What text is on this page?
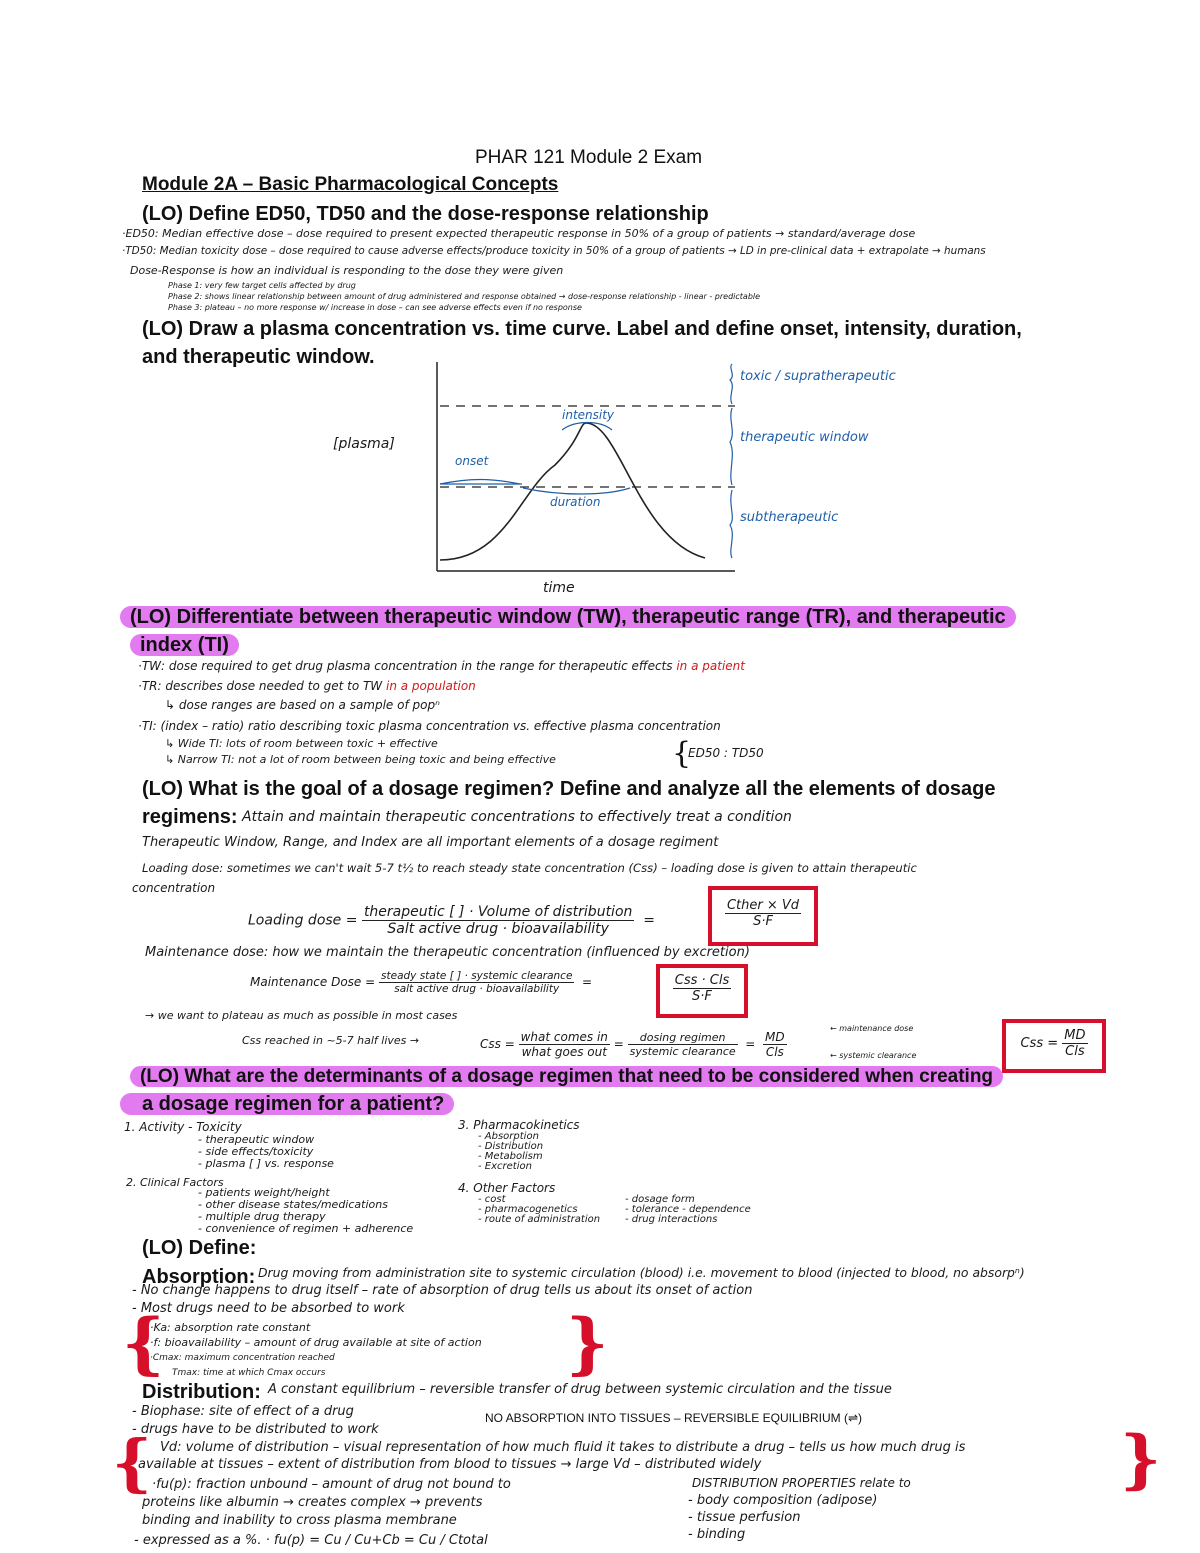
PHAR 121 Module 2 Exam
Module 2A – Basic Pharmacological Concepts
(LO) Define ED50, TD50 and the dose-response relationship
·ED50: Median effective dose – dose required to present expected therapeutic response in 50% of a group of patients → standard/average dose
·TD50: Median toxicity dose – dose required to cause adverse effects/produce toxicity in 50% of a group of patients → LD in pre-clinical data + extrapolate → humans
Dose-Response is how an individual is responding to the dose they were given
Phase 1: very few target cells affected by drug
Phase 2: shows linear relationship between amount of drug administered and response obtained → dose-response relationship - linear - predictable
Phase 3: plateau – no more response w/ increase in dose – can see adverse effects even if no response
(LO) Draw a plasma concentration vs. time curve. Label and define onset, intensity, duration,
and therapeutic window.
[plasma]
time
intensity
onset
duration
toxic / supratherapeutic
therapeutic window
subtherapeutic
(LO) Differentiate between therapeutic window (TW), therapeutic range (TR), and therapeutic
index (TI)
·TW: dose required to get drug plasma concentration in the range for therapeutic effects in a patient
·TR: describes dose needed to get to TW in a population
↳ dose ranges are based on a sample of popⁿ
·TI: (index – ratio) ratio describing toxic plasma concentration vs. effective plasma concentration
↳ Wide TI: lots of room between toxic + effective
↳ Narrow TI: not a lot of room between being toxic and being effective	{
ED50 : TD50
(LO) What is the goal of a dosage regimen? Define and analyze all the elements of dosage
regimens: Attain and maintain therapeutic concentrations to effectively treat a condition
Therapeutic Window, Range, and Index are all important elements of a dosage regiment
Loading dose: sometimes we can't wait 5-7 t½ to reach steady state concentration (Css) – loading dose is given to attain therapeutic
concentration
Loading dose = $\frac{\text{therapeutic [ ] · Volume of distribution}}{\text{Salt active drug · bioavailability}}$ =	$\frac{\text{Cther × Vd}}{S\cdot F}$
Maintenance dose: how we maintain the therapeutic concentration (influenced by excretion)
Maintenance Dose = $\frac{\text{steady state [ ] · systemic clearance}}{\text{salt active drug · bioavailability}}$ =	$\frac{\text{Css · Cls}}{S\cdot F}$
→ we want to plateau as much as possible in most cases
Css reached in ~5-7 half lives →	Css = $\frac{\text{what comes in}}{\text{what goes out}} = \frac{\text{dosing regimen}}{\text{systemic clearance}} = \frac{MD}{\text{Cls}}$
← maintenance dose
← systemic clearance
Css = $\frac{MD}{\text{Cls}}$
(LO) What are the determinants of a dosage regimen that need to be considered when creating
a dosage regimen for a patient?
1. Activity - Toxicity
- therapeutic window
- side effects/toxicity
- plasma [ ] vs. response
2. Clinical Factors
- patients weight/height
- other disease states/medications
- multiple drug therapy
- convenience of regimen + adherence
3. Pharmacokinetics
- Absorption
- Distribution
- Metabolism
- Excretion
4. Other Factors
- cost
- pharmacogenetics
- route of administration
- dosage form
- tolerance - dependence
- drug interactions
(LO) Define:
Absorption: Drug moving from administration site to systemic circulation (blood) i.e. movement to blood (injected to blood, no absorpⁿ)
- No change happens to drug itself – rate of absorption of drug tells us about its onset of action
- Most drugs need to be absorbed to work
{
·Ka: absorption rate constant
·f: bioavailability – amount of drug available at site of action
·Cmax: maximum concentration reached
Tmax: time at which Cmax occurs	}
Distribution: A constant equilibrium – reversible transfer of drug between systemic circulation and the tissue
- Biophase: site of effect of a drug
- drugs have to be distributed to work
NO ABSORPTION INTO TISSUES – REVERSIBLE EQUILIBRIUM (⇌)
{ Vd: volume of distribution – visual representation of how much fluid it takes to distribute a drug – tells us how much drug is
available at tissues – extent of distribution from blood to tissues → large Vd – distributed widely	}
·fu(p): fraction unbound – amount of drug not bound to
proteins like albumin → creates complex → prevents
binding and inability to cross plasma membrane
- expressed as a %. · fu(p) = Cu / Cu+Cb = Cu / Ctotal
DISTRIBUTION PROPERTIES relate to
- body composition (adipose)
- tissue perfusion
- binding
